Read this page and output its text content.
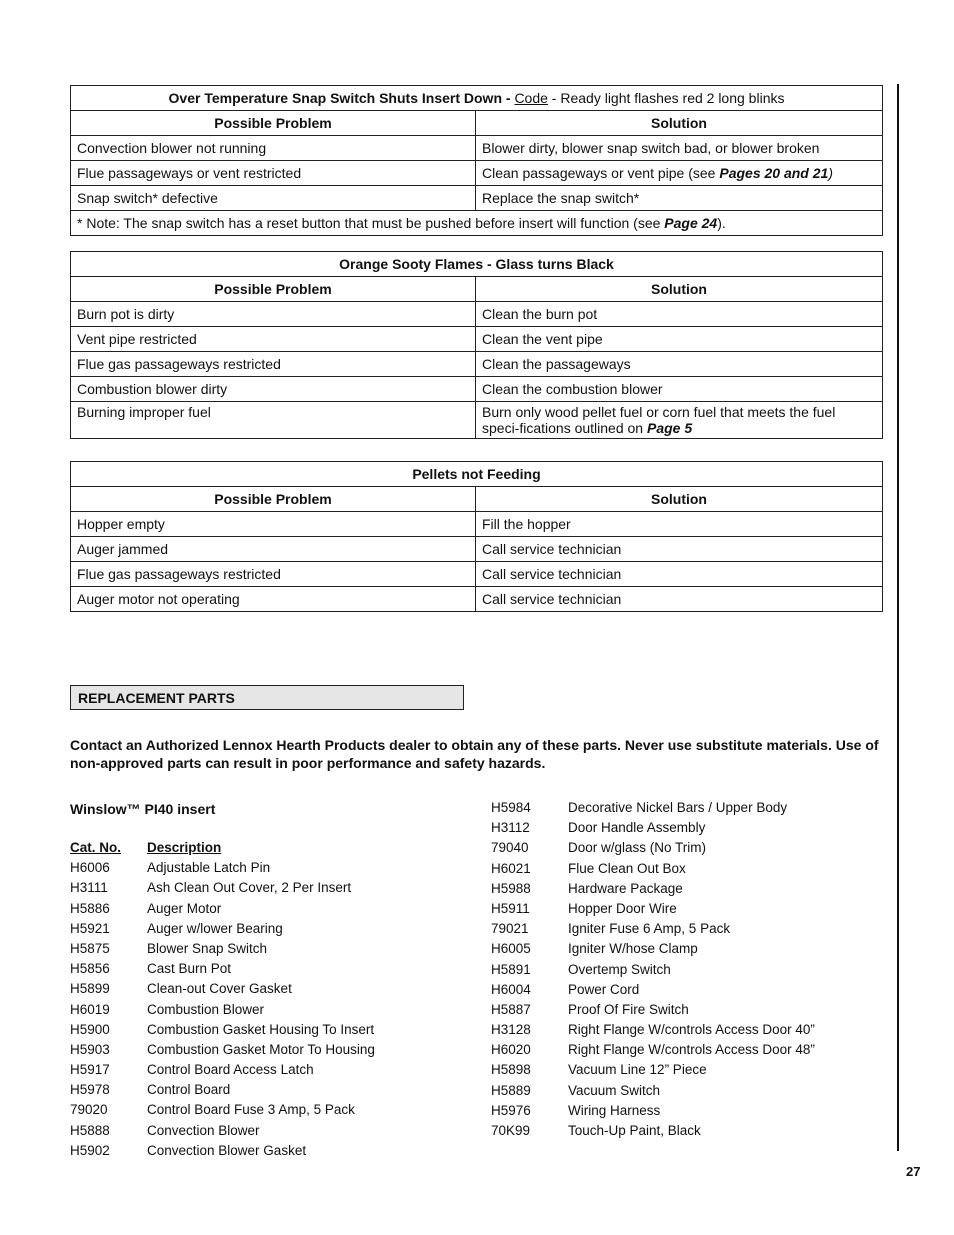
Over Temperature Snap Switch Shuts Insert Down - Code - Ready light flashes red 2 long blinks	
Possible Problem	Solution
Convection blower not running	Blower dirty, blower snap switch bad, or blower broken
Flue passageways or vent restricted	Clean passageways or vent pipe (see Pages 20 and 21)
Snap switch* defective	Replace the snap switch*
* Note: The snap switch has a reset button that must be pushed before insert will function (see Page 24).	
Orange Sooty Flames - Glass turns Black	
Possible Problem	Solution
Burn pot is dirty	Clean the burn pot
Vent pipe restricted	Clean the vent pipe
Flue gas passageways restricted	Clean the passageways
Combustion blower dirty	Clean the combustion blower
Burning improper fuel	Burn only wood pellet fuel or corn fuel that meets the fuel speci-fications outlined on Page 5
Pellets not Feeding	
Possible Problem	Solution
Hopper empty	Fill the hopper
Auger jammed	Call service technician
Flue gas passageways restricted	Call service technician
Auger motor not operating	Call service technician
REPLACEMENT PARTS
Contact an Authorized Lennox Hearth Products dealer to obtain any of these parts. Never use substitute materials. Use of non-approved parts can result in poor performance and safety hazards.
Winslow™ PI40 insert
Cat. No. Description
H6006	Adjustable Latch Pin
H3111	Ash Clean Out Cover, 2 Per Insert
H5886	Auger Motor
H5921	Auger w/lower Bearing
H5875	Blower Snap Switch
H5856	Cast Burn Pot
H5899	Clean-out Cover Gasket
H6019	Combustion Blower
H5900	Combustion Gasket Housing To Insert
H5903	Combustion Gasket Motor To Housing
H5917	Control Board Access Latch
H5978	Control Board
79020	Control Board Fuse 3 Amp, 5 Pack
H5888	Convection Blower
H5902	Convection Blower Gasket
H5984	Decorative Nickel Bars / Upper Body
H3112	Door Handle Assembly
79040	Door w/glass (No Trim)
H6021	Flue Clean Out Box
H5988	Hardware Package
H5911	Hopper Door Wire
79021	Igniter Fuse 6 Amp, 5 Pack
H6005	Igniter W/hose Clamp
H5891	Overtemp Switch
H6004	Power Cord
H5887	Proof Of Fire Switch
H3128	Right Flange W/controls Access Door 40”
H6020	Right Flange W/controls Access Door 48”
H5898	Vacuum Line 12” Piece
H5889	Vacuum Switch
H5976	Wiring Harness
70K99	Touch-Up Paint, Black
27
